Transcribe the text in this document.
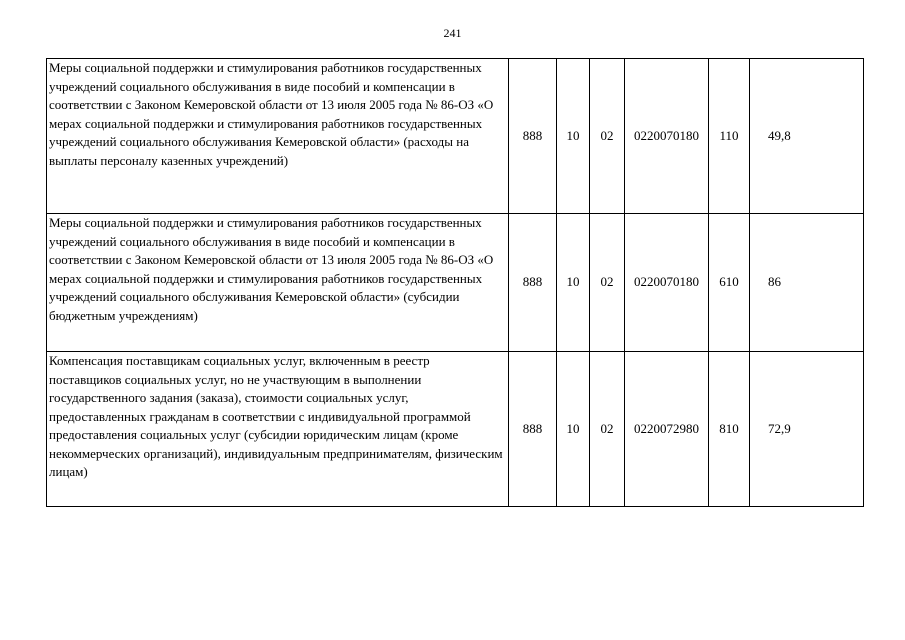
241
Меры социальной поддержки и стимулирования работников государственных учреждений социального обслуживания в виде пособий и компенсации в соответствии с Законом Кемеровской области от 13 июля 2005 года № 86-ОЗ «О мерах социальной поддержки и стимулирования работников государственных учреждений социального обслуживания Кемеровской области» (расходы на выплаты персоналу казенных учреждений)	888	10	02	0220070180	110	49,8
Меры социальной поддержки и стимулирования работников государственных учреждений социального обслуживания в виде пособий и компенсации в соответствии с Законом Кемеровской области от 13 июля 2005 года № 86-ОЗ «О мерах социальной поддержки и стимулирования работников государственных учреждений социального обслуживания Кемеровской области» (субсидии бюджетным учреждениям)	888	10	02	0220070180	610	86
Компенсация поставщикам социальных услуг, включенным в реестр поставщиков социальных услуг, но не участвующим в выполнении государственного задания (заказа), стоимости социальных услуг, предоставленных гражданам в соответствии с индивидуальной программой предоставления социальных услуг (субсидии юридическим лицам (кроме некоммерческих организаций), индивидуальным предпринимателям, физическим лицам)	888	10	02	0220072980	810	72,9
